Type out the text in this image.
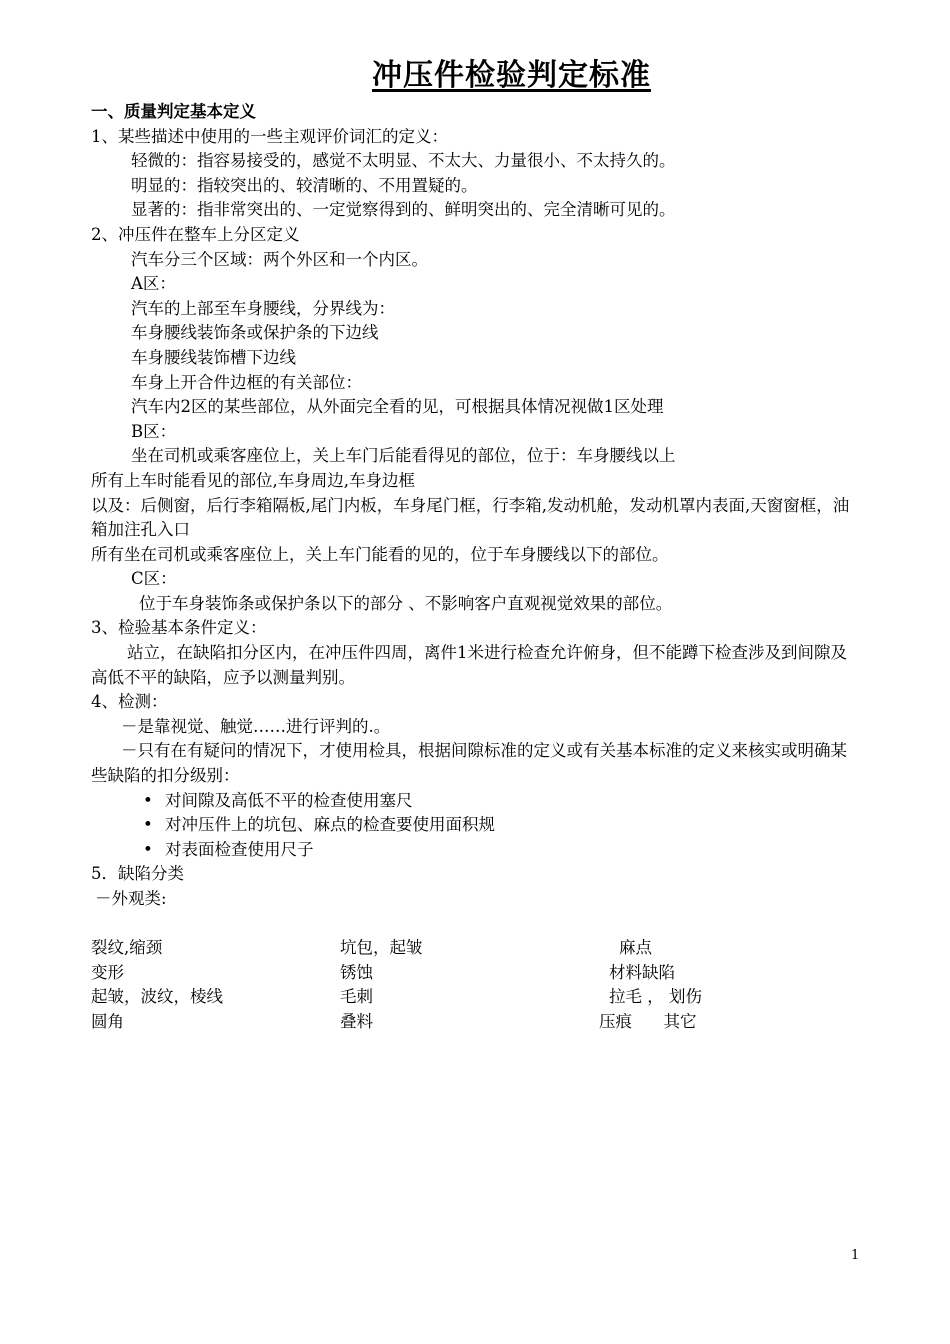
冲压件检验判定标准

一、质量判定基本定义

1、某些描述中使用的一些主观评价词汇的定义：

轻微的：指容易接受的，感觉不太明显、不太大、力量很小、不太持久的。

明显的：指较突出的、较清晰的、不用置疑的。

显著的：指非常突出的、一定觉察得到的、鲜明突出的、完全清晰可见的。

2、冲压件在整车上分区定义

汽车分三个区域：两个外区和一个内区。

A区：

汽车的上部至车身腰线，分界线为：

车身腰线装饰条或保护条的下边线

车身腰线装饰槽下边线

车身上开合件边框的有关部位：

汽车内2区的某些部位，从外面完全看的见，可根据具体情况视做1区处理

B区：

坐在司机或乘客座位上，关上车门后能看得见的部位，位于：车身腰线以上

所有上车时能看见的部位,车身周边,车身边框

以及：后侧窗，后行李箱隔板,尾门内板，车身尾门框，行李箱,发动机舱，发动机罩内表面,天窗窗框，油箱加注孔入口

所有坐在司机或乘客座位上，关上车门能看的见的，位于车身腰线以下的部位。

C区：

位于车身装饰条或保护条以下的部分 、不影响客户直观视觉效果的部位。

3、检验基本条件定义：

站立，在缺陷扣分区内，在冲压件四周，离件1米进行检查允许俯身，但不能蹲下检查涉及到间隙及高低不平的缺陷，应予以测量判别。

4、检测：

－是靠视觉、触觉……进行评判的.。

－只有在有疑问的情况下，才使用检具，根据间隙标准的定义或有关基本标准的定义来核实或明确某些缺陷的扣分级别：

• 对间隙及高低不平的检查使用塞尺

• 对冲压件上的坑包、麻点的检查要使用面积规

• 对表面检查使用尺子

5．缺陷分类

－外观类:

裂纹,缩颈	坑包，起皱	麻点
变形	锈蚀	材料缺陷
起皱，波纹，棱线	毛刺	拉毛 ， 划伤
圆角	叠料	压痕      其它
1
